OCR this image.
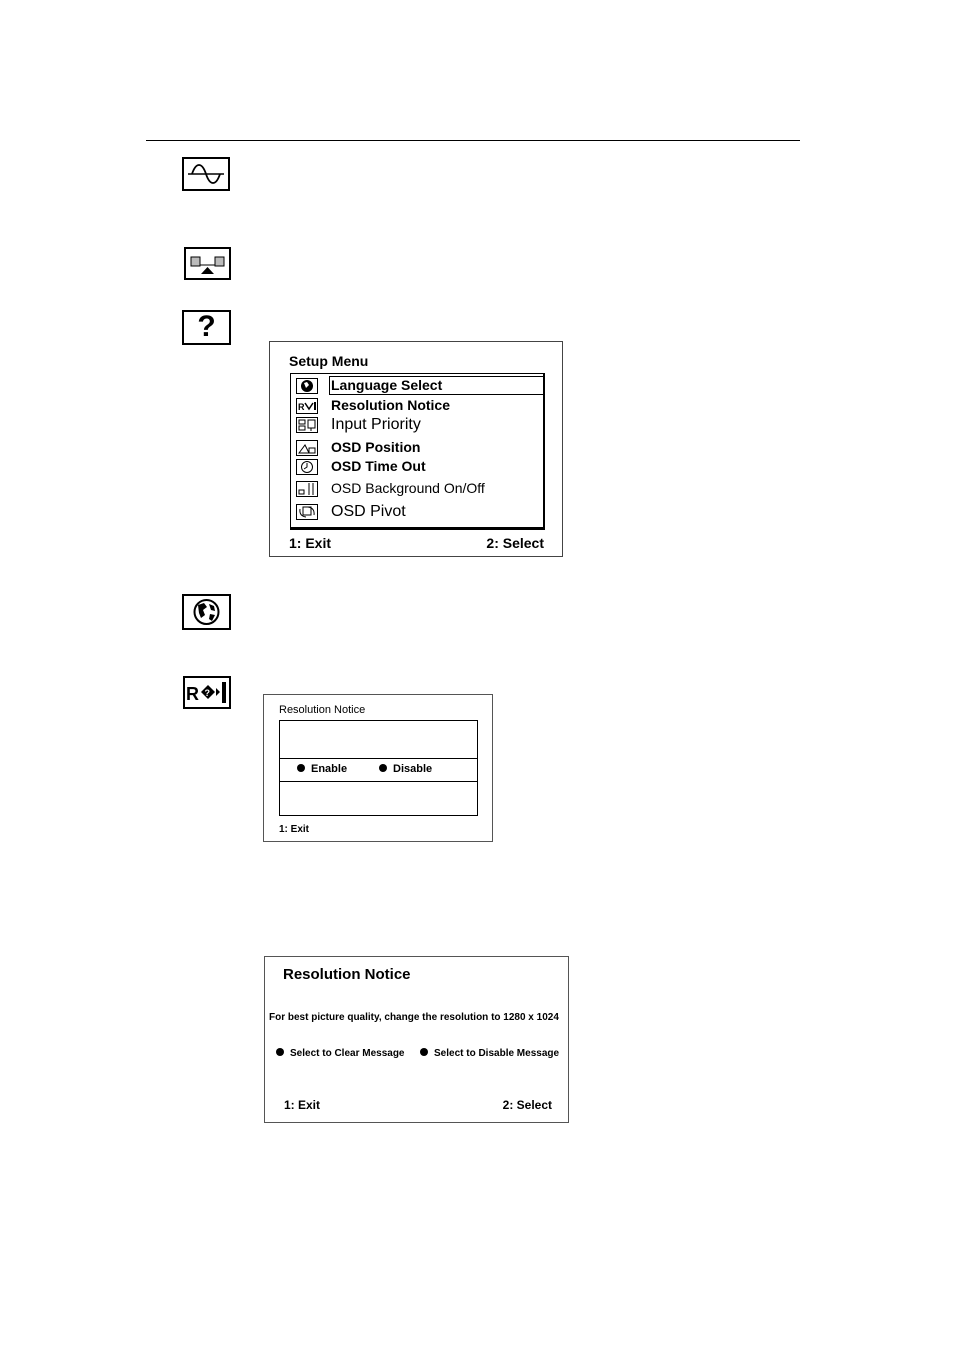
?
Setup Menu
Language Select
R Resolution Notice
Input Priority
OSD Position
OSD Time Out
OSD Background On/Off
OSD Pivot
1: Exit	2: Select
R ?
Resolution Notice
Enable	Disable
1: Exit
Resolution Notice
For best picture quality, change the resolution to 1280 x 1024
Select to Clear Message	Select to Disable Message
1: Exit	2: Select
